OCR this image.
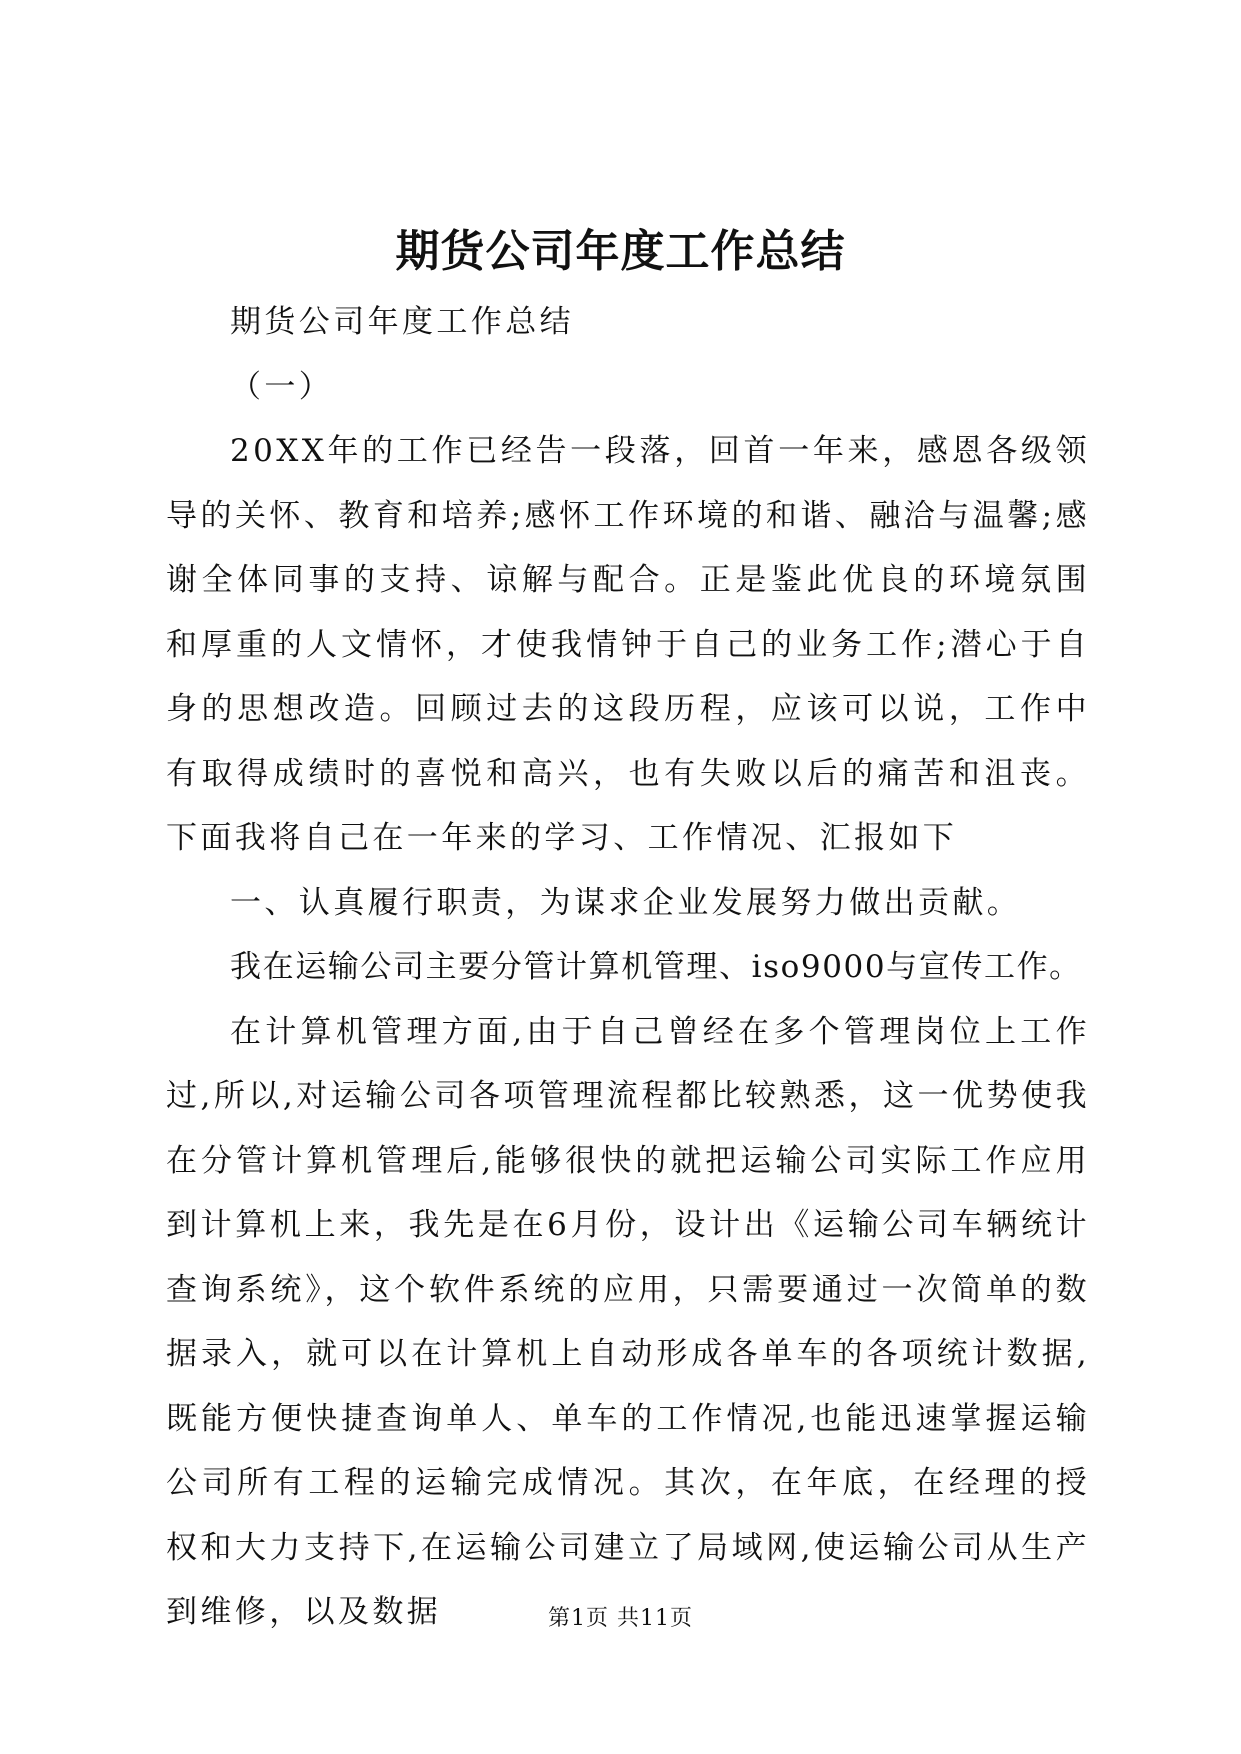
期货公司年度工作总结

期货公司年度工作总结

（一）

20XX年的工作已经告一段落，回首一年来，感恩各级领导的关怀、教育和培养;感怀工作环境的和谐、融洽与温馨;感谢全体同事的支持、谅解与配合。正是鉴此优良的环境氛围和厚重的人文情怀，才使我情钟于自己的业务工作;潜心于自身的思想改造。回顾过去的这段历程，应该可以说，工作中有取得成绩时的喜悦和高兴，也有失败以后的痛苦和沮丧。下面我将自己在一年来的学习、工作情况、汇报如下

一、认真履行职责，为谋求企业发展努力做出贡献。

我在运输公司主要分管计算机管理、iso9000与宣传工作。

在计算机管理方面,由于自己曾经在多个管理岗位上工作过,所以,对运输公司各项管理流程都比较熟悉，这一优势使我在分管计算机管理后,能够很快的就把运输公司实际工作应用到计算机上来，我先是在6月份，设计出《运输公司车辆统计查询系统》，这个软件系统的应用，只需要通过一次简单的数据录入，就可以在计算机上自动形成各单车的各项统计数据,既能方便快捷查询单人、单车的工作情况,也能迅速掌握运输公司所有工程的运输完成情况。其次，在年底，在经理的授权和大力支持下,在运输公司建立了局域网,使运输公司从生产到维修，以及数据	第1页 共11页
